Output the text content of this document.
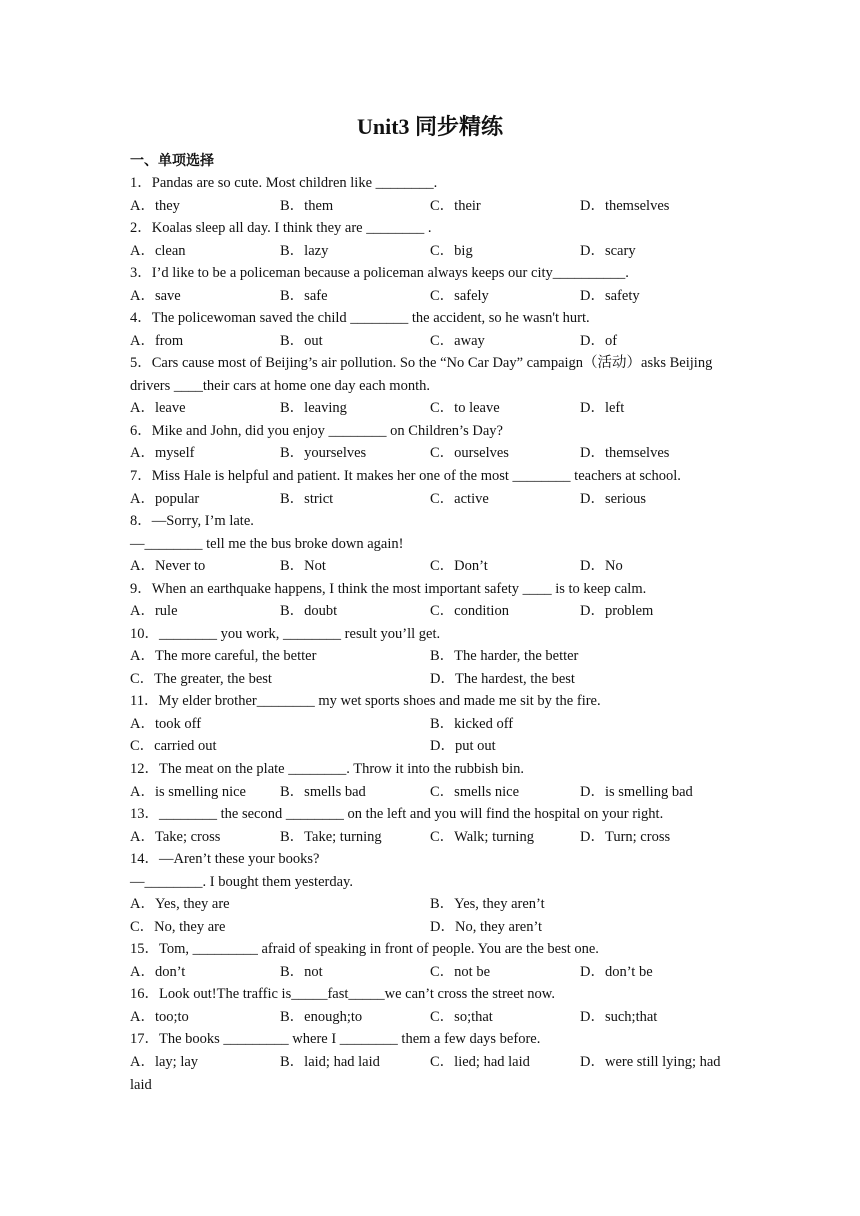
Unit3 同步精练
一、单项选择
1．Pandas are so cute. Most children like ________.
A．they	B．them	C．their	D．themselves
2．Koalas sleep all day. I think they are ________ .
A．clean	B．lazy	C．big	D．scary
3．I’d like to be a policeman because a policeman always keeps our city__________.
A．save	B．safe	C．safely	D．safety
4．The policewoman saved the child ________ the accident, so he wasn't hurt.
A．from	B．out	C．away	D．of
5．Cars cause most of Beijing’s air pollution. So the “No Car Day” campaign（活动）asks Beijing
drivers ____their cars at home one day each month.
A．leave	B．leaving	C．to leave	D．left
6．Mike and John, did you enjoy ________ on Children’s Day?
A．myself	B．yourselves	C．ourselves	D．themselves
7．Miss Hale is helpful and patient. It makes her one of the most ________ teachers at school.
A．popular	B．strict	C．active	D．serious
8．—Sorry, I’m late.
—________ tell me the bus broke down again!
A．Never to	B．Not	C．Don’t	D．No
9．When an earthquake happens, I think the most important safety ____ is to keep calm.
A．rule	B．doubt	C．condition	D．problem
10．________ you work, ________ result you’ll get.
A．The more careful, the better	B．The harder, the better
C．The greater, the best	D．The hardest, the best
11．My elder brother________ my wet sports shoes and made me sit by the fire.
A．took off	B．kicked off
C．carried out	D．put out
12．The meat on the plate ________. Throw it into the rubbish bin.
A．is smelling nice B．smells bad	C．smells nice	D．is smelling bad
13．________ the second ________ on the left and you will find the hospital on your right.
A．Take; cross	B．Take; turning	C．Walk; turning	D．Turn; cross
14．—Aren’t these your books?
—________. I bought them yesterday.
A．Yes, they are	B．Yes, they aren’t
C．No, they are	D．No, they aren’t
15．Tom, _________ afraid of speaking in front of people. You are the best one.
A．don’t	B．not	C．not be	D．don’t be
16．Look out!The traffic is_____fast_____we can’t cross the street now.
A．too;to	B．enough;to	C．so;that	D．such;that
17．The books _________ where I ________ them a few days before.
A．lay; lay	B．laid; had laid	C．lied; had laid	D．were still lying; had
laid
